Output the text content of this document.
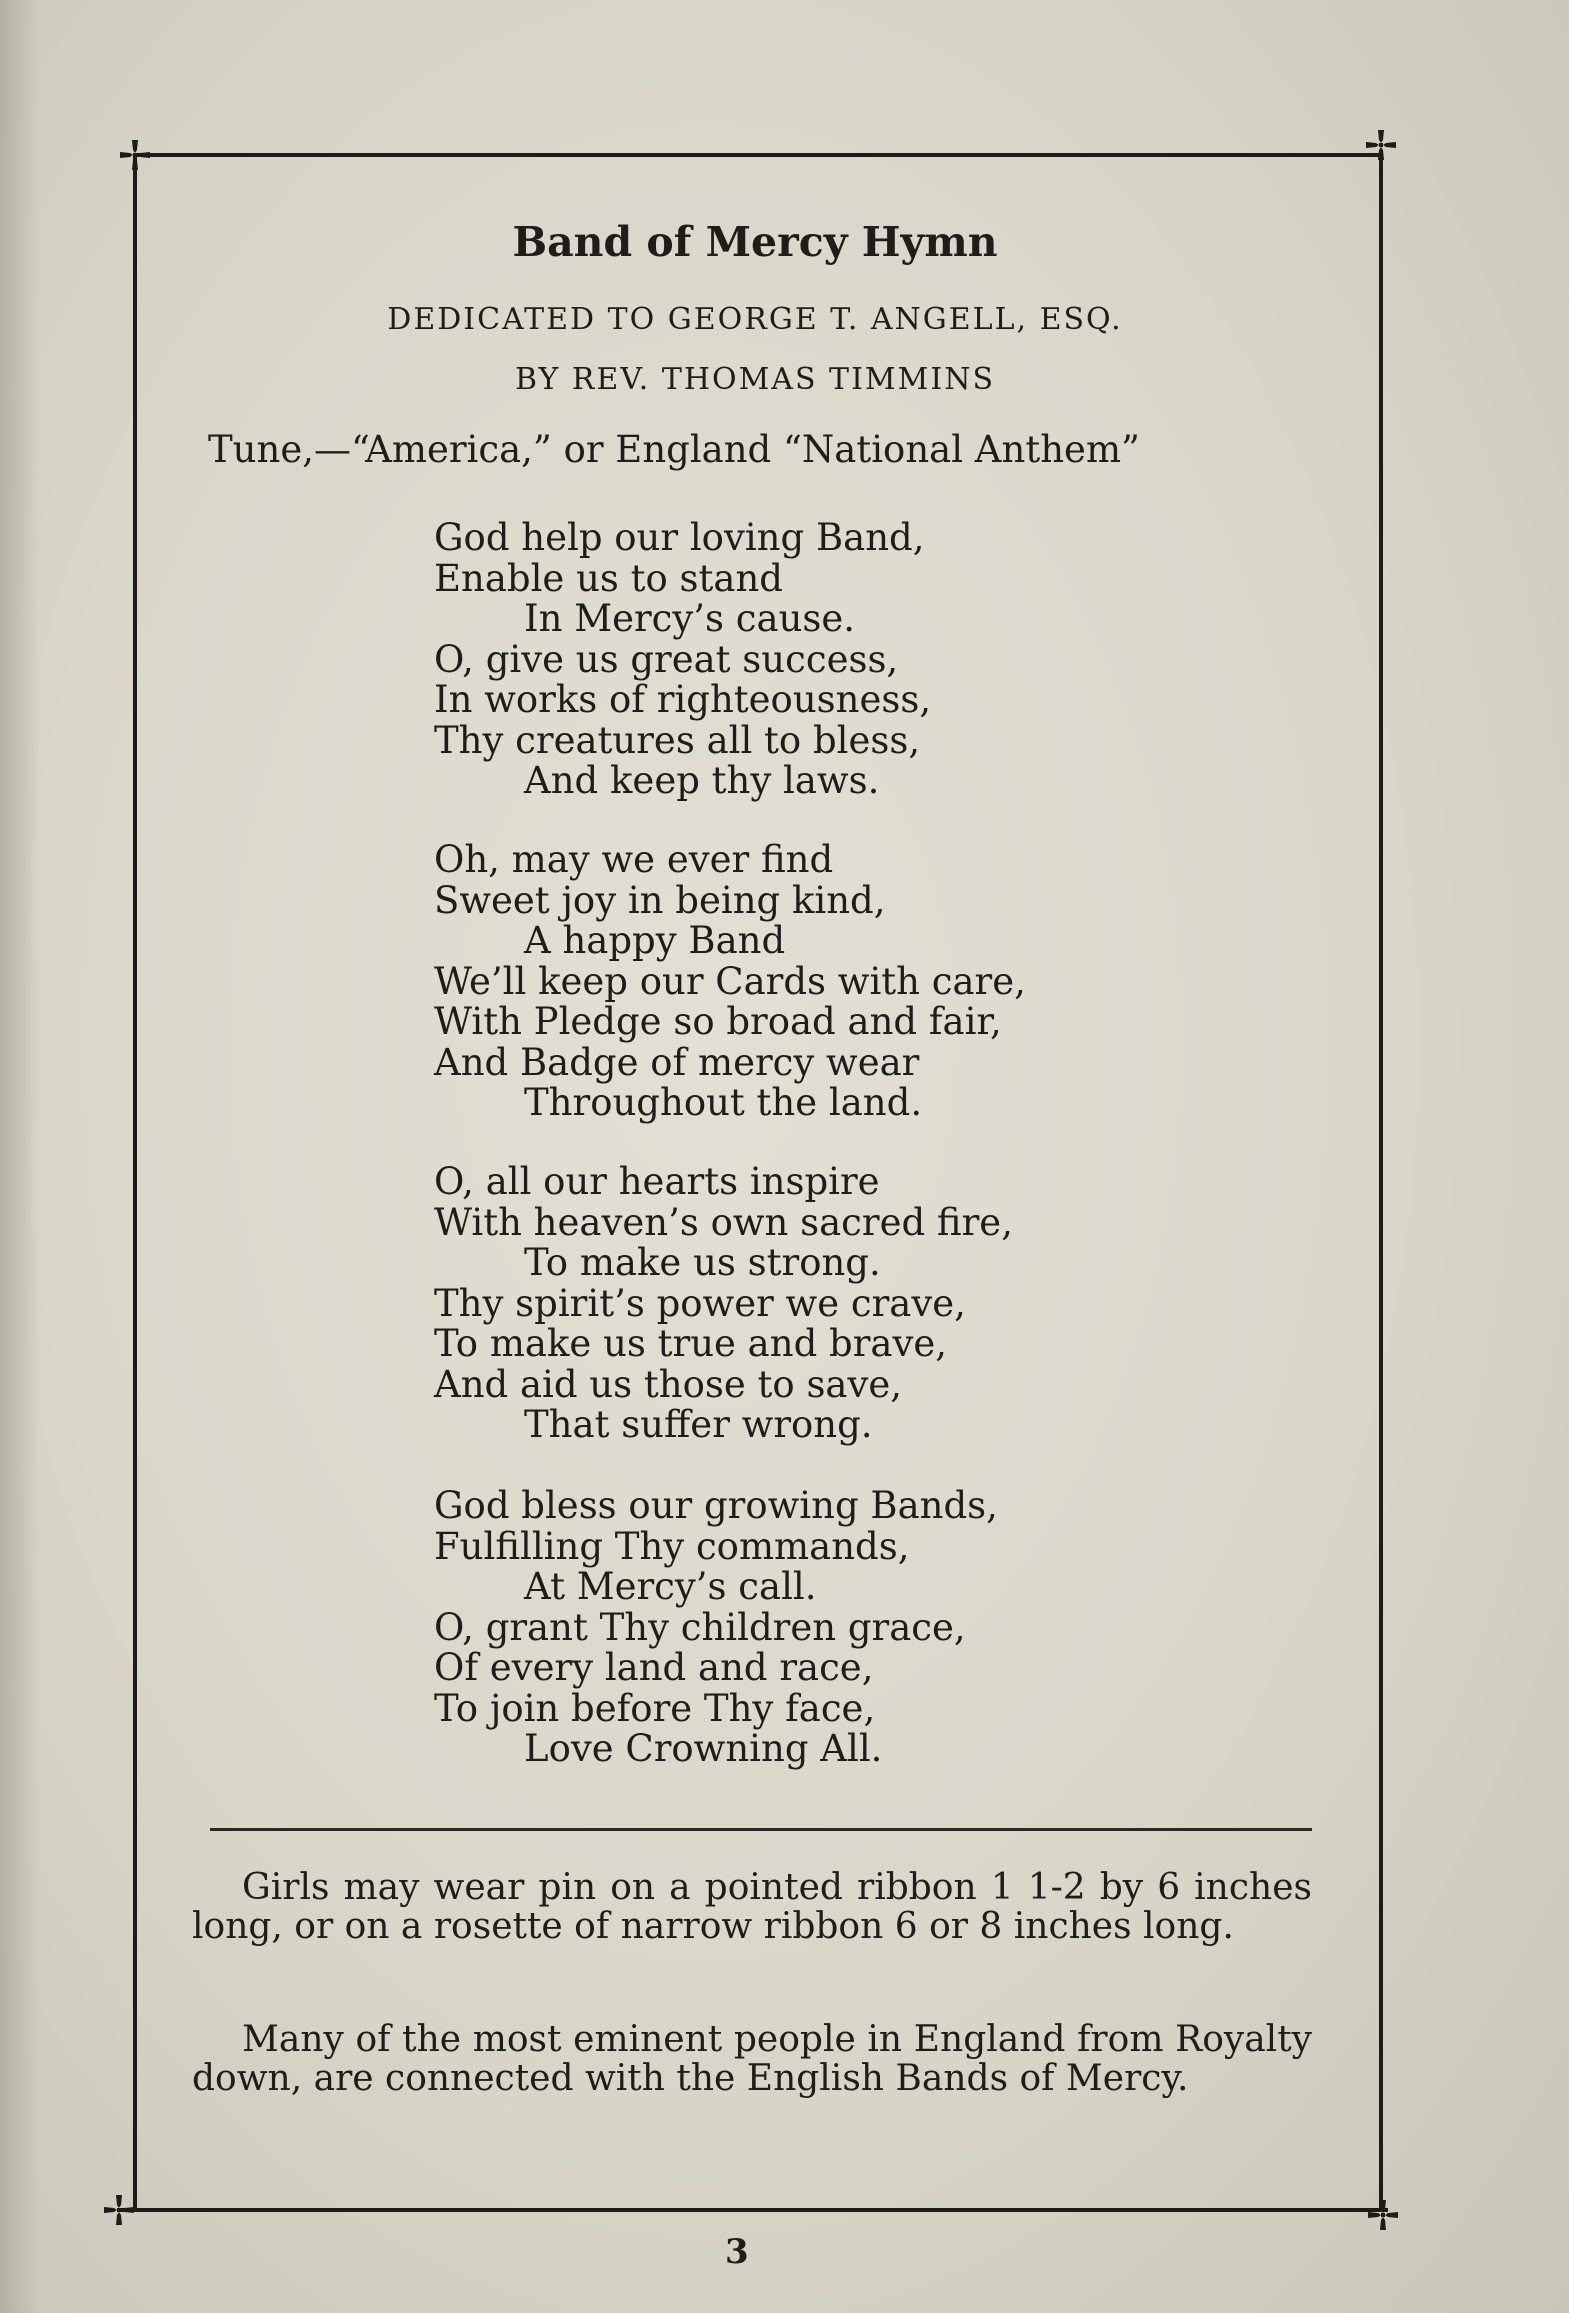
Band of Mercy Hymn
DEDICATED TO GEORGE T. ANGELL, ESQ.
BY REV. THOMAS TIMMINS
Tune,—“America,” or England “National Anthem”
God help our loving Band,
Enable us to stand
In Mercy’s cause.
O, give us great success,
In works of righteousness,
Thy creatures all to bless,
And keep thy laws.
Oh, may we ever find
Sweet joy in being kind,
A happy Band
We’ll keep our Cards with care,
With Pledge so broad and fair,
And Badge of mercy wear
Throughout the land.
O, all our hearts inspire
With heaven’s own sacred fire,
To make us strong.
Thy spirit’s power we crave,
To make us true and brave,
And aid us those to save,
That suffer wrong.
God bless our growing Bands,
Fulfilling Thy commands,
At Mercy’s call.
O, grant Thy children grace,
Of every land and race,
To join before Thy face,
Love Crowning All.
Girls may wear pin on a pointed ribbon 1 1-2 by 6 inches long, or on a rosette of narrow ribbon 6 or 8 inches long.
Many of the most eminent people in England from Royalty down, are connected with the English Bands of Mercy.
3
